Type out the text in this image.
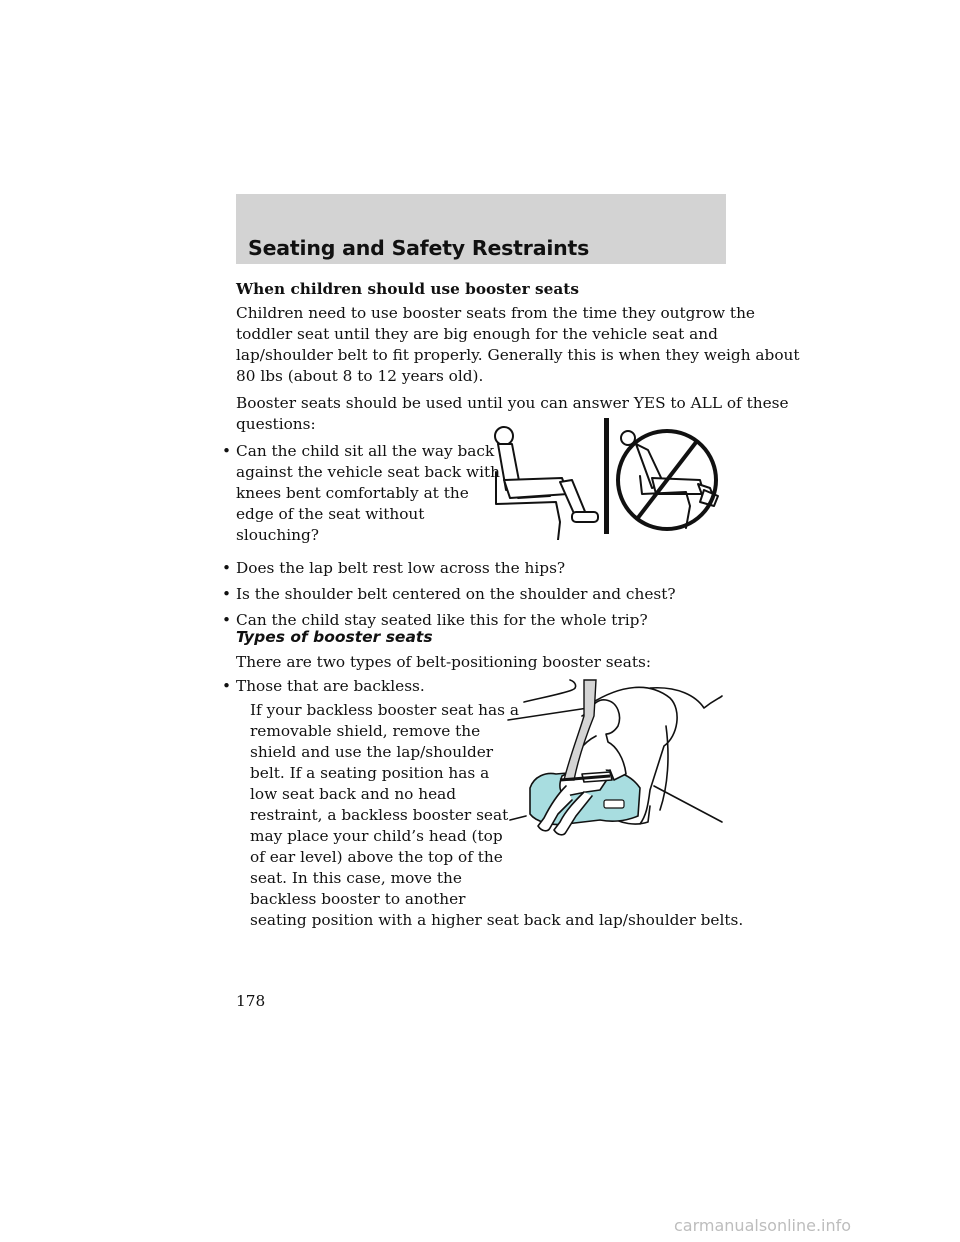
Seating and Safety Restraints

When children should use booster seats

Children need to use booster seats from the time they outgrow the

toddler seat until they are big enough for the vehicle seat and

lap/shoulder belt to fit properly. Generally this is when they weigh about

80 lbs (about 8 to 12 years old).

Booster seats should be used until you can answer YES to ALL of these

questions:

• Can the child sit all the way back

against the vehicle seat back with

knees bent comfortably at the

edge of the seat without

slouching?

• Does the lap belt rest low across the hips?
• Is the shoulder belt centered on the shoulder and chest?
• Can the child stay seated like this for the whole trip?

Types of booster seats

There are two types of belt-positioning booster seats:

• Those that are backless.

If your backless booster seat has a

removable shield, remove the

shield and use the lap/shoulder

belt. If a seating position has a

low seat back and no head

restraint, a backless booster seat

may place your child’s head (top

of ear level) above the top of the

seat. In this case, move the

backless booster to another

seating position with a higher seat back and lap/shoulder belts.

178
carmanualsonline.info
